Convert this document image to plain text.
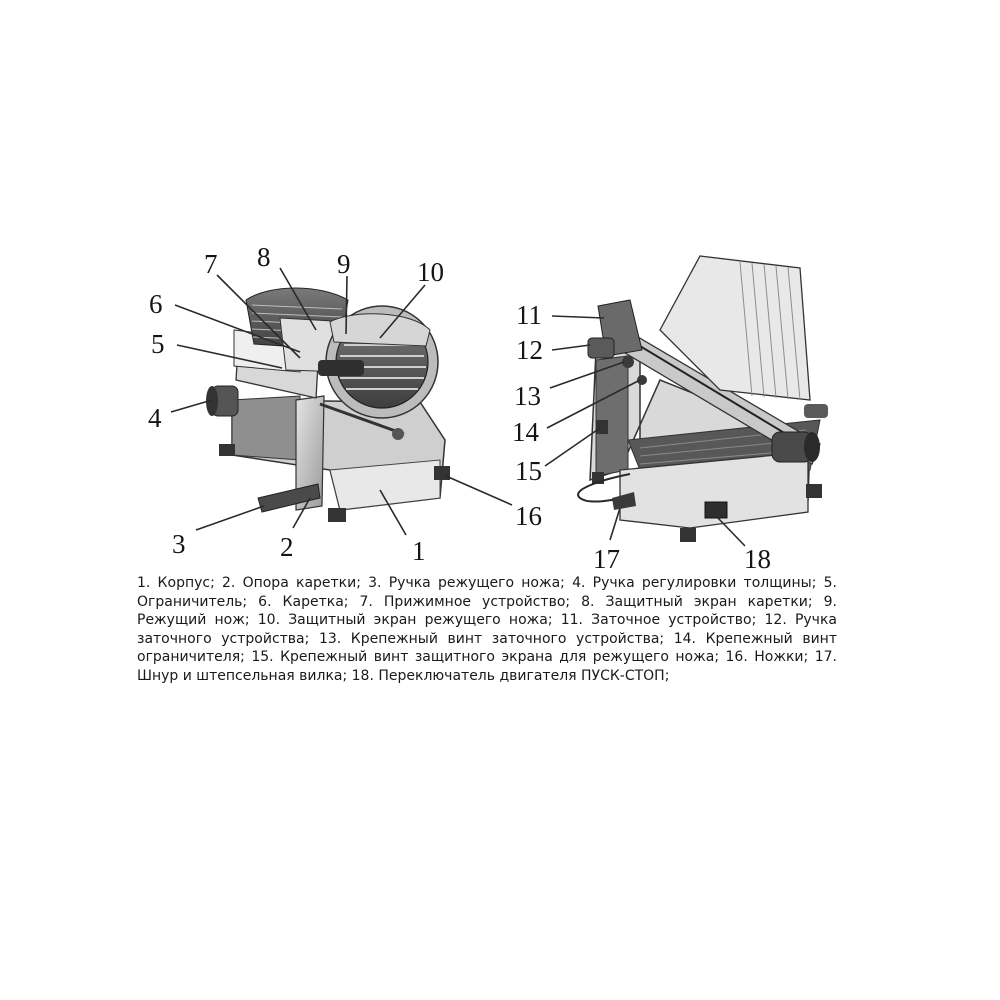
1
2
3
4
5
6
7 8 9 10
11
12
13
14
15
16
17	18
1. Корпус; 2. Опора каретки; 3. Ручка режущего ножа; 4. Ручка регулировки толщины; 5. Ограничитель; 6. Каретка; 7. Прижимное устройство; 8. Защитный экран каретки; 9. Режущий нож; 10. Защитный экран режущего ножа; 11. Заточное устройство; 12. Ручка заточного устройства; 13. Крепежный винт заточного устройства; 14. Крепежный винт ограничителя; 15. Крепежный винт защитного экрана для режущего ножа; 16. Ножки; 17. Шнур и штепсельная вилка; 18. Переключатель двигателя ПУСК-СТОП;
